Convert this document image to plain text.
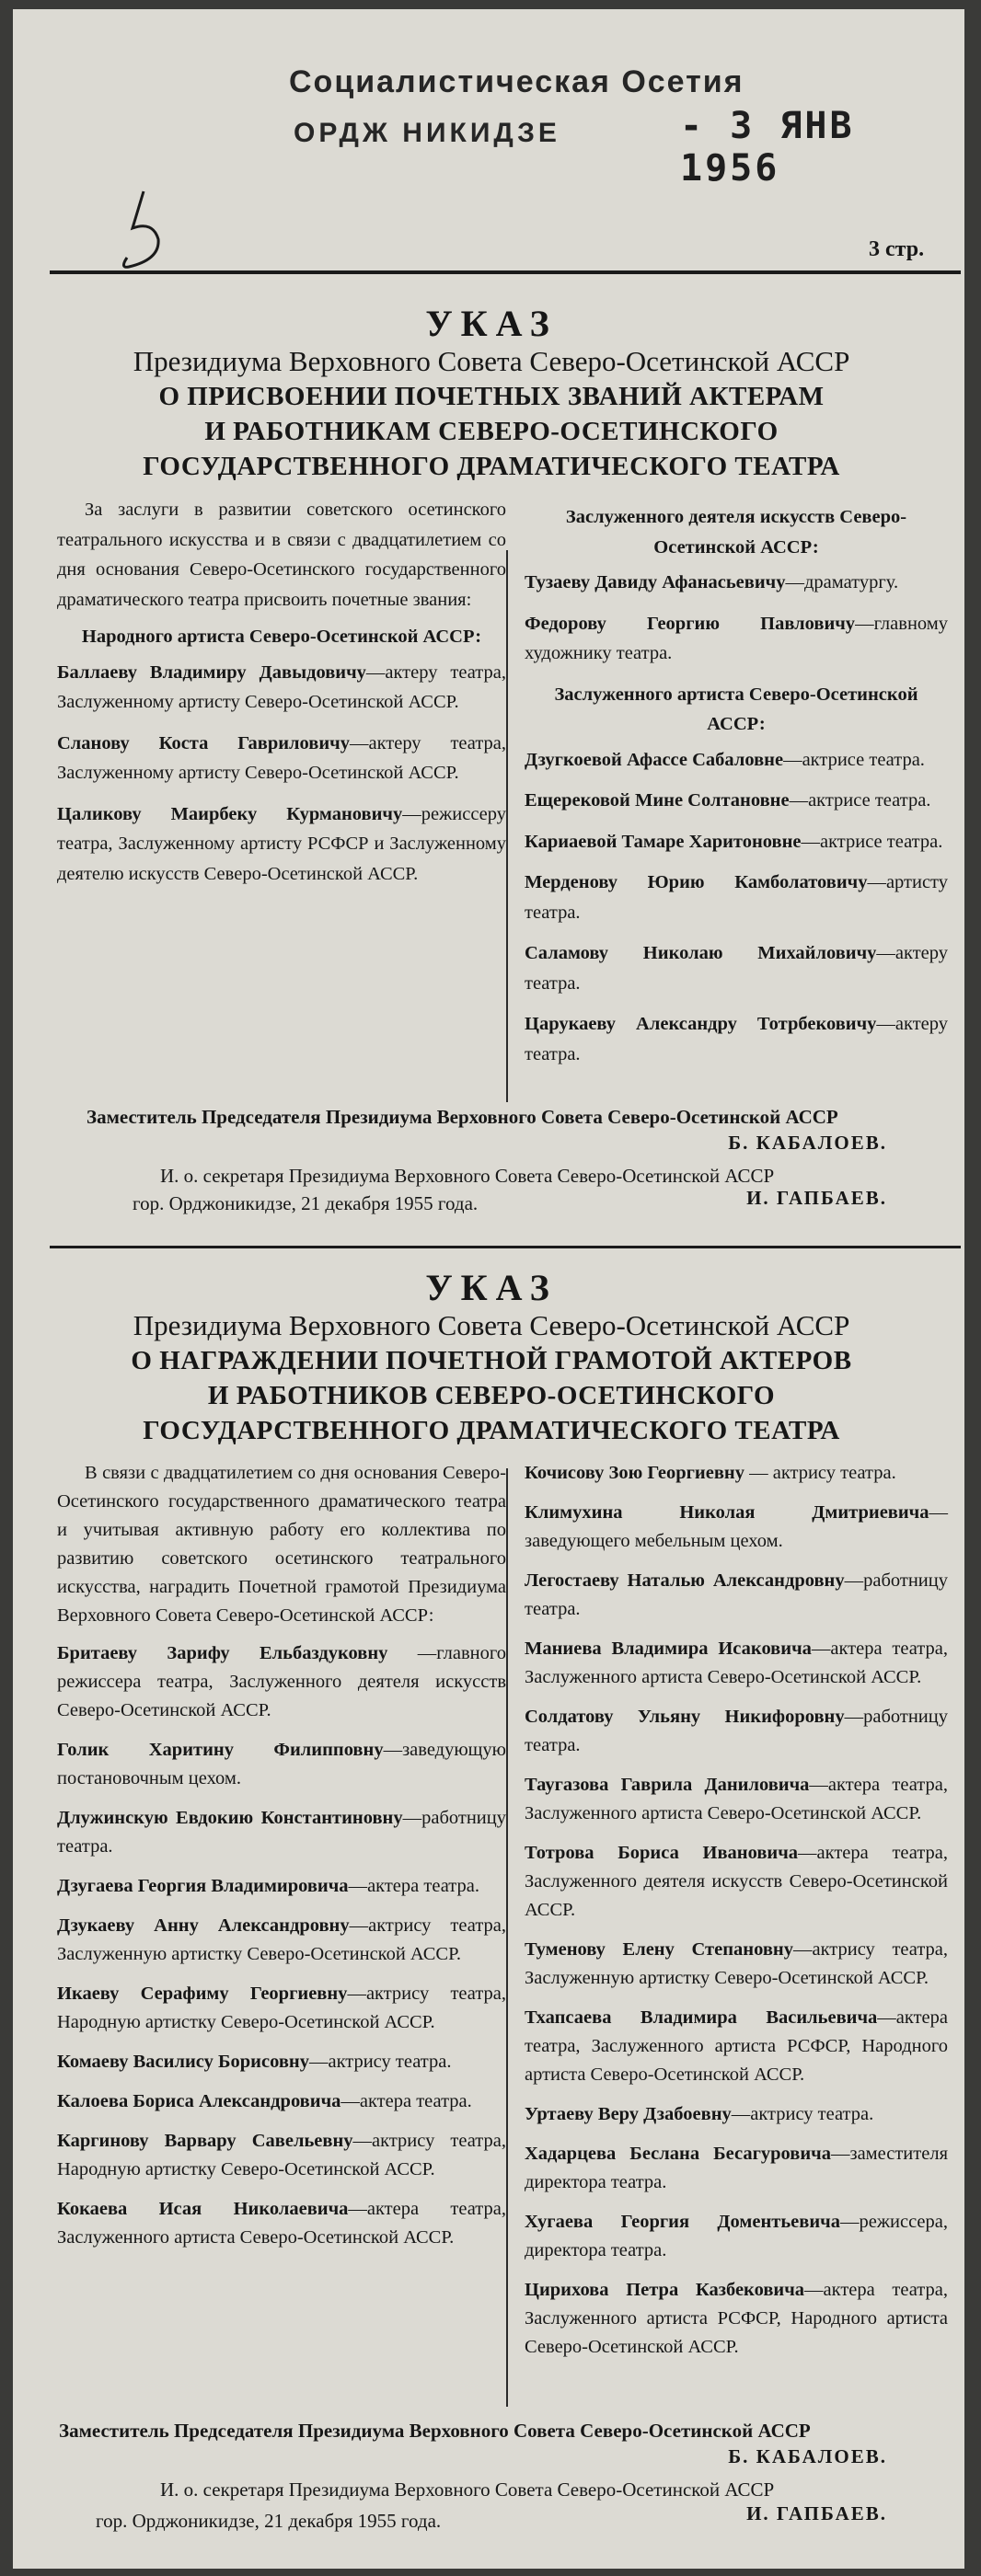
Социалистическая Осетия
ОРДЖ НИКИДЗЕ	- 3 ЯНВ 1956
3 стр.
УКАЗ
Президиума Верховного Совета Северо-Осетинской АССР
О ПРИСВОЕНИИ ПОЧЕТНЫХ ЗВАНИЙ АКТЕРАМ
И РАБОТНИКАМ СЕВЕРО-ОСЕТИНСКОГО
ГОСУДАРСТВЕННОГО ДРАМАТИЧЕСКОГО ТЕАТРА
За заслуги в развитии советского осетинского театрального искусства и в связи с двадцатилетием со дня основания Северо-Осетинского государственного драматического театра присвоить почетные звания:
Народного артиста Северо-Осетинской АССР:
Баллаеву Владимиру Давыдовичу—актеру театра, Заслуженному артисту Северо-Осетинской АССР.
Сланову Коста Гавриловичу—актеру театра, Заслуженному артисту Северо-Осетинской АССР.
Цаликову Маирбеку Курмановичу—режиссеру театра, Заслуженному артисту РСФСР и Заслуженному деятелю искусств Северо-Осетинской АССР.
Заслуженного деятеля искусств Северо-Осетинской АССР:
Тузаеву Давиду Афанасьевичу—драматургу.
Федорову Георгию Павловичу—главному художнику театра.
Заслуженного артиста Северо-Осетинской АССР:
Дзугкоевой Афассе Сабаловне—актрисе театра.
Ещерековой Мине Солтановне—актрисе театра.
Кариаевой Тамаре Харитоновне—актрисе театра.
Мерденову Юрию Камболатовичу—артисту театра.
Саламову Николаю Михайловичу—актеру театра.
Царукаеву Александру Тотрбековичу—актеру театра.
Заместитель Председателя Президиума Верховного Совета Северо-Осетинской АССР
Б. КАБАЛОЕВ.
И. о. секретаря Президиума Верховного Совета Северо-Осетинской АССР
И. ГАПБАЕВ.
гор. Орджоникидзе, 21 декабря 1955 года.
УКАЗ
Президиума Верховного Совета Северо-Осетинской АССР
О НАГРАЖДЕНИИ ПОЧЕТНОЙ ГРАМОТОЙ АКТЕРОВ
И РАБОТНИКОВ СЕВЕРО-ОСЕТИНСКОГО
ГОСУДАРСТВЕННОГО ДРАМАТИЧЕСКОГО ТЕАТРА
В связи с двадцатилетием со дня основания Северо-Осетинского государственного драматического театра и учитывая активную работу его коллектива по развитию советского осетинского театрального искусства, наградить Почетной грамотой Президиума Верховного Совета Северо-Осетинской АССР:
Бритаеву Зарифу Ельбаздуковну —главного режиссера театра, Заслуженного деятеля искусств Северо-Осетинской АССР.
Голик Харитину Филипповну—заведующую постановочным цехом.
Длужинскую Евдокию Константиновну—работницу театра.
Дзугаева Георгия Владимировича—актера театра.
Дзукаеву Анну Александровну—актрису театра, Заслуженную артистку Северо-Осетинской АССР.
Икаеву Серафиму Георгиевну—актрису театра, Народную артистку Северо-Осетинской АССР.
Комаеву Василису Борисовну—актрису театра.
Калоева Бориса Александровича—актера театра.
Каргинову Варвару Савельевну—актрису театра, Народную артистку Северо-Осетинской АССР.
Кокаева Исая Николаевича—актера театра, Заслуженного артиста Северо-Осетинской АССР.
Кочисову Зою Георгиевну — актрису театра.
Климухина Николая Дмитриевича—заведующего мебельным цехом.
Легостаеву Наталью Александровну—работницу театра.
Маниева Владимира Исаковича—актера театра, Заслуженного артиста Северо-Осетинской АССР.
Солдатову Ульяну Никифоровну—работницу театра.
Таугазова Гаврила Даниловича—актера театра, Заслуженного артиста Северо-Осетинской АССР.
Тотрова Бориса Ивановича—актера театра, Заслуженного деятеля искусств Северо-Осетинской АССР.
Туменову Елену Степановну—актрису театра, Заслуженную артистку Северо-Осетинской АССР.
Тхапсаева Владимира Васильевича—актера театра, Заслуженного артиста РСФСР, Народного артиста Северо-Осетинской АССР.
Уртаеву Веру Дзабоевну—актрису театра.
Хадарцева Беслана Бесагуровича—заместителя директора театра.
Хугаева Георгия Доментьевича—режиссера, директора театра.
Цирихова Петра Казбековича—актера театра, Заслуженного артиста РСФСР, Народного артиста Северо-Осетинской АССР.
Заместитель Председателя Президиума Верховного Совета Северо-Осетинской АССР
Б. КАБАЛОЕВ.
И. о. секретаря Президиума Верховного Совета Северо-Осетинской АССР
И. ГАПБАЕВ.
гор. Орджоникидзе, 21 декабря 1955 года.
